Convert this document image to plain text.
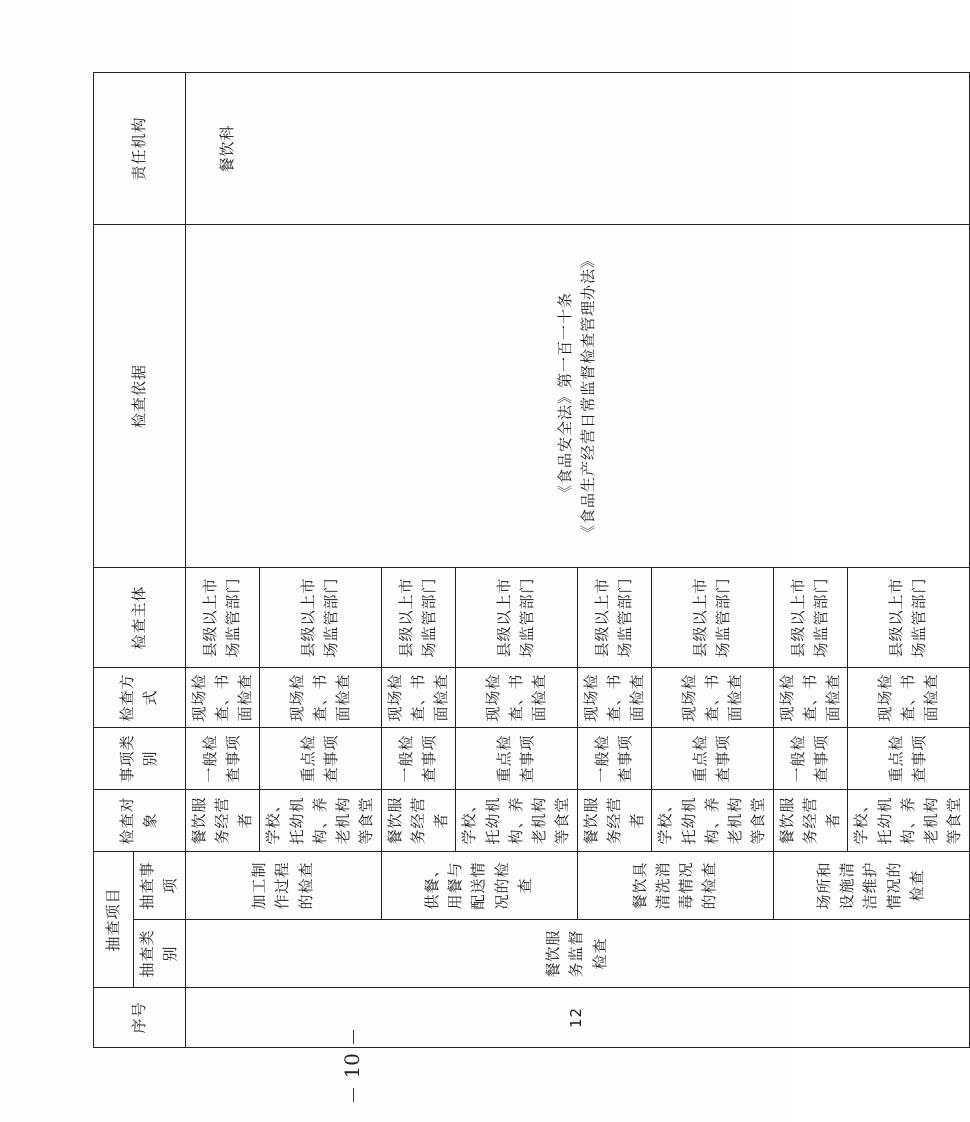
序号	抽查项目		检查对象	事项类别	检查方式	检查主体	检查依据	责任机构
	抽查类别	抽查事项						
12	餐饮服务监督检查	加工制作过程的检查	餐饮服务经营者	一般检查事项	现场检查、书面检查	县级以上市场监管部门	《食品安全法》第一百一十条 《食品生产经营日常监督检查管理办法》	餐饮科
			学校、托幼机构、养老机构等食堂	重点检查事项	现场检查、书面检查	县级以上市场监管部门		
		供餐、用餐与配送情况的检查	餐饮服务经营者	一般检查事项	现场检查、书面检查	县级以上市场监管部门		
			学校、托幼机构、养老机构等食堂	重点检查事项	现场检查、书面检查	县级以上市场监管部门		
		餐饮具清洗消毒情况的检查	餐饮服务经营者	一般检查事项	现场检查、书面检查	县级以上市场监管部门		
			学校、托幼机构、养老机构等食堂	重点检查事项	现场检查、书面检查	县级以上市场监管部门		
		场所和设施清洁维护情况的检查	餐饮服务经营者	一般检查事项	现场检查、书面检查	县级以上市场监管部门		
			学校、托幼机构、养老机构等食堂	重点检查事项	现场检查、书面检查	县级以上市场监管部门		
10
